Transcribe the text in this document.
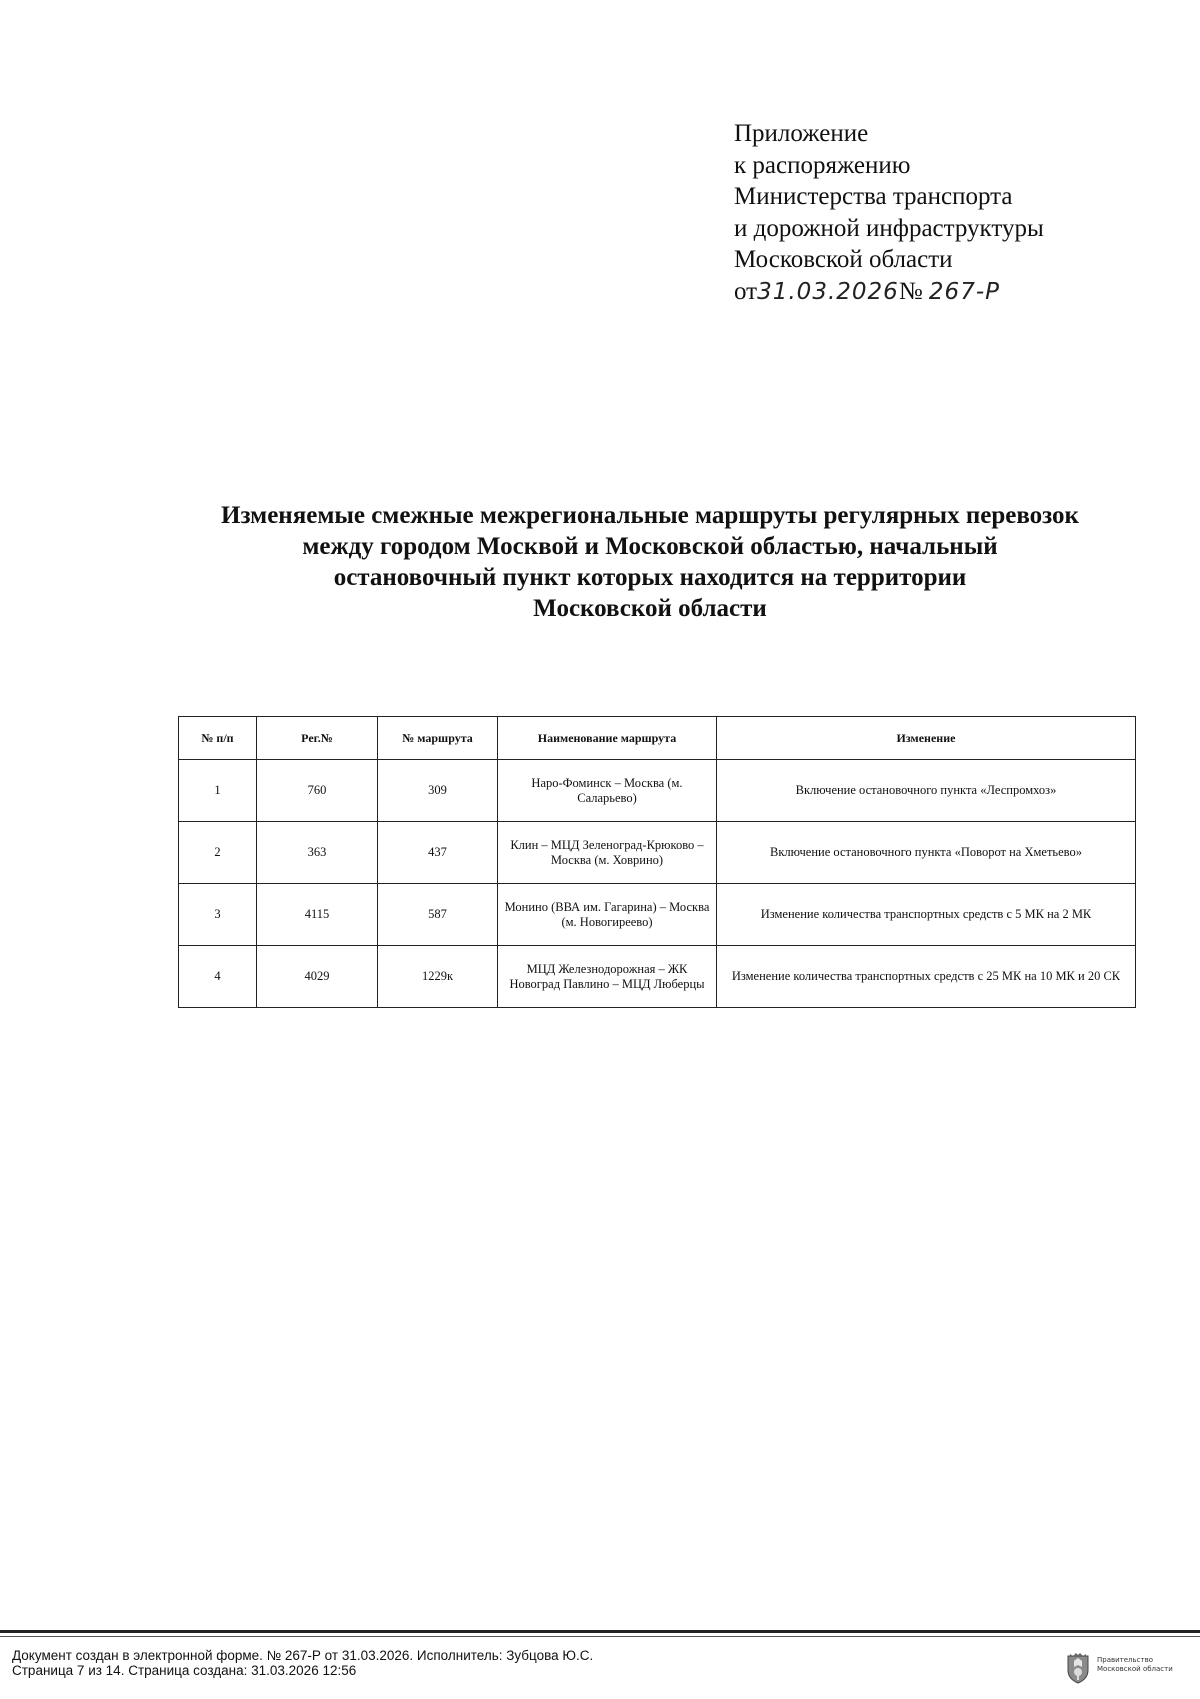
Приложение
к распоряжению
Министерства транспорта
и дорожной инфраструктуры
Московской области
от31.03.2026№ 267-Р
Изменяемые смежные межрегиональные маршруты регулярных перевозок
между городом Москвой и Московской областью, начальный
остановочный пункт которых находится на территории
Московской области
№ п/п	Рег.№	№ маршрута	Наименование маршрута	Изменение
1	760	309	Наро-Фоминск – Москва (м. Саларьево)	Включение остановочного пункта «Леспромхоз»
2	363	437	Клин – МЦД Зеленоград-Крюково – Москва (м. Ховрино)	Включение остановочного пункта «Поворот на Хметьево»
3	4115	587	Монино (ВВА им. Гагарина) – Москва (м. Новогиреево)	Изменение количества транспортных средств с 5 МК на 2 МК
4	4029	1229к	МЦД Железнодорожная – ЖК Новоград Павлино – МЦД Люберцы	Изменение количества транспортных средств с 25 МК на 10 МК и 20 СК
Документ создан в электронной форме. № 267-Р от 31.03.2026. Исполнитель: Зубцова Ю.С.
Страница 7 из 14. Страница создана: 31.03.2026 12:56
Правительство
Московской области
